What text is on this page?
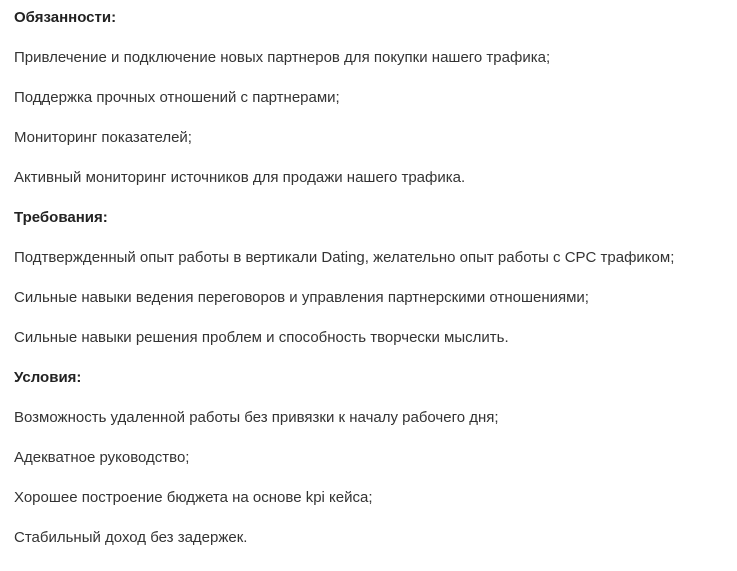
Обязанности:
Привлечение и подключение новых партнеров для покупки нашего трафика;
Поддержка прочных отношений с партнерами;
Мониторинг показателей;
Активный мониторинг источников для продажи нашего трафика.
Требования:
Подтвержденный опыт работы в вертикали Dating, желательно опыт работы с CPC трафиком;
Сильные навыки ведения переговоров и управления партнерскими отношениями;
Сильные навыки решения проблем и способность творчески мыслить.
Условия:
Возможность удаленной работы без привязки к началу рабочего дня;
Адекватное руководство;
Хорошее построение бюджета на основе kpi кейса;
Стабильный доход без задержек.
